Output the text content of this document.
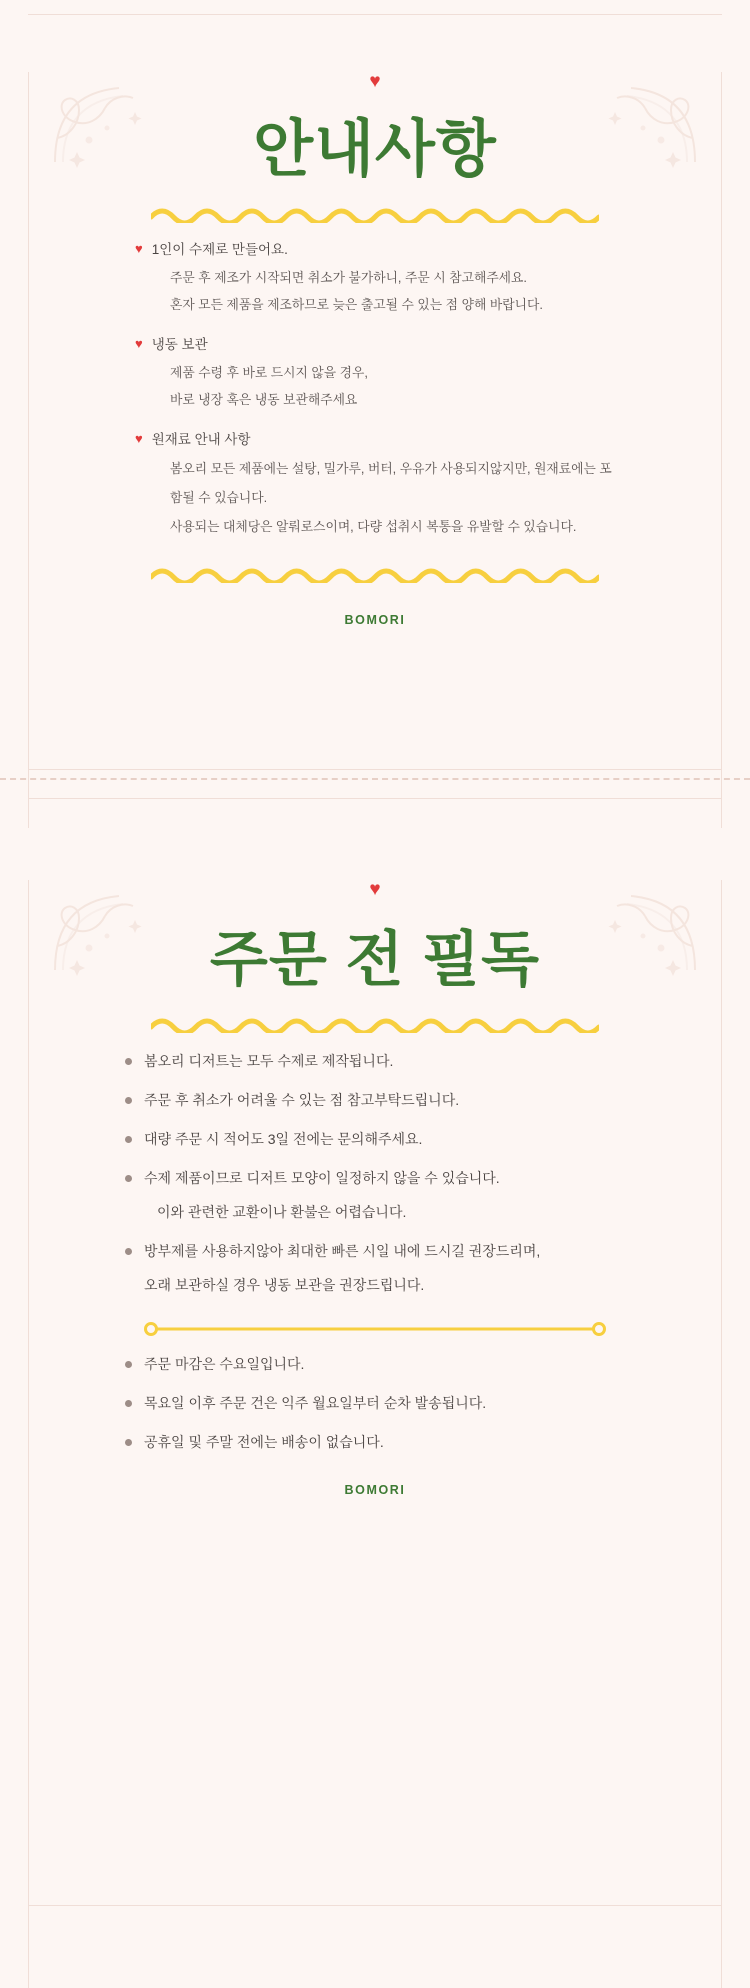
♥
안내사항
♥ 1인이 수제로 만들어요.
주문 후 제조가 시작되면 취소가 불가하니, 주문 시 참고해주세요.
혼자 모든 제품을 제조하므로 늦은 출고될 수 있는 점 양해 바랍니다.
♥ 냉동 보관
제품 수령 후 바로 드시지 않을 경우,
바로 냉장 혹은 냉동 보관해주세요
♥ 원재료 안내 사항
봄오리 모든 제품에는 설탕, 밀가루, 버터, 우유가 사용되지않지만, 원재료에는 포함될 수 있습니다.
사용되는 대체당은 알뤄로스이며, 다량 섭취시 복통을 유발할 수 있습니다.
BOMORI
♥
주문 전 필독
봄오리 디저트는 모두 수제로 제작됩니다.
주문 후 취소가 어려울 수 있는 점 참고부탁드립니다.
대량 주문 시 적어도 3일 전에는 문의해주세요.
수제 제품이므로 디저트 모양이 일정하지 않을 수 있습니다.
이와 관련한 교환이나 환불은 어렵습니다.
방부제를 사용하지않아 최대한 빠른 시일 내에 드시길 권장드리며,
오래 보관하실 경우 냉동 보관을 권장드립니다.
주문 마감은 수요일입니다.
목요일 이후 주문 건은 익주 월요일부터 순차 발송됩니다.
공휴일 및 주말 전에는 배송이 없습니다.
BOMORI
